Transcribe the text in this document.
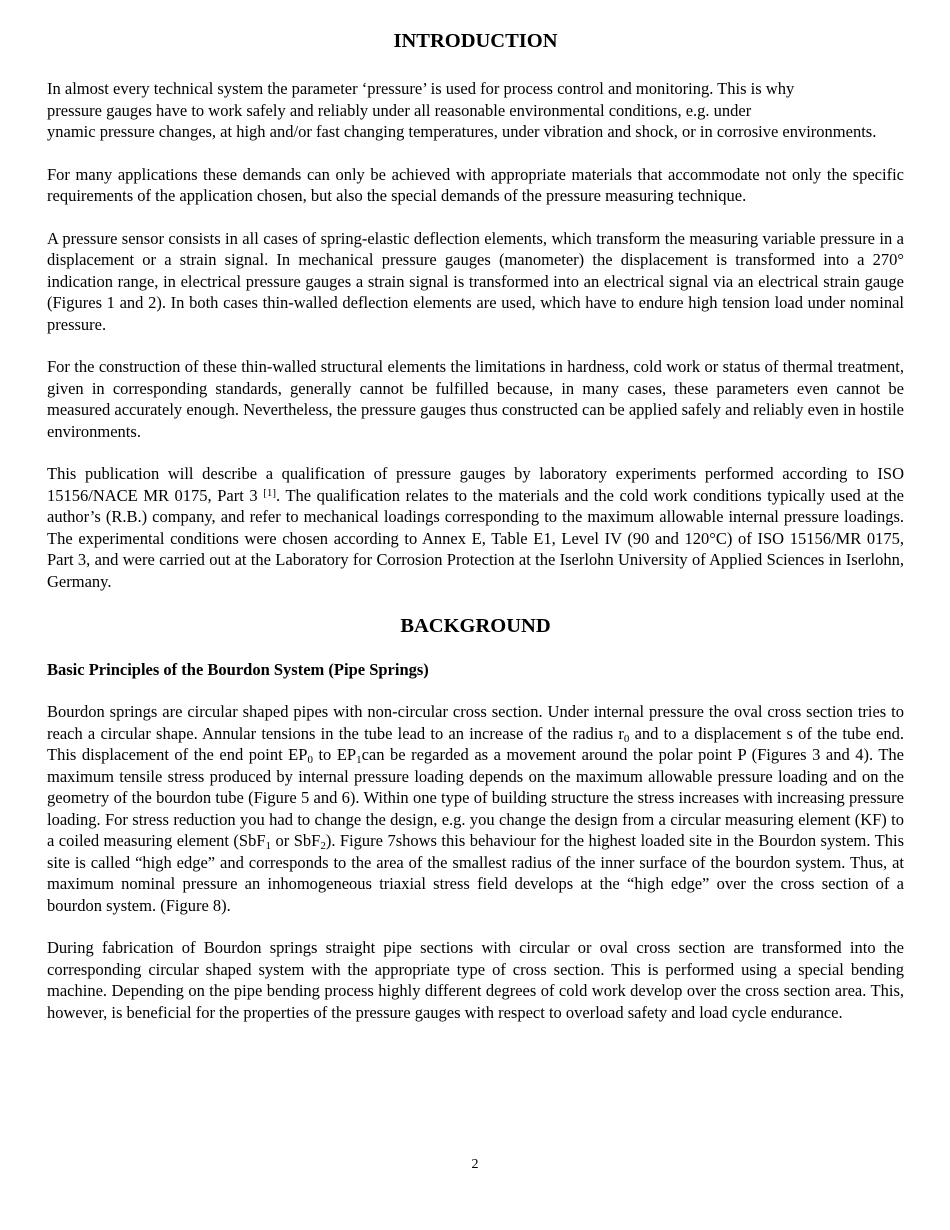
INTRODUCTION

In almost every technical system the parameter ‘pressure’ is used for process control and monitoring. This is why
pressure gauges have to work safely and reliably under all reasonable environmental conditions, e.g. under
ynamic pressure changes, at high and/or fast changing temperatures, under vibration and shock, or in corrosive environments.

For many applications these demands can only be achieved with appropriate materials that accommodate not only the specific requirements of the application chosen, but also the special demands of the pressure measuring technique.

A pressure sensor consists in all cases of spring-elastic deflection elements, which transform the measuring variable pressure in a displacement or a strain signal. In mechanical pressure gauges (manometer) the displacement is transformed into a 270° indication range, in electrical pressure gauges a strain signal is transformed into an electrical signal via an electrical strain gauge (Figures 1 and 2). In both cases thin-walled deflection elements are used, which have to endure high tension load under nominal pressure.

For the construction of these thin-walled structural elements the limitations in hardness, cold work or status of thermal treatment, given in corresponding standards, generally cannot be fulfilled because, in many cases, these parameters even cannot be measured accurately enough. Nevertheless, the pressure gauges thus constructed can be applied safely and reliably even in hostile environments.

This publication will describe a qualification of pressure gauges by laboratory experiments performed according to ISO 15156/NACE MR 0175, Part 3 [1]. The qualification relates to the materials and the cold work conditions typically used at the author’s (R.B.) company, and refer to mechanical loadings corresponding to the maximum allowable internal pressure loadings. The experimental conditions were chosen according to Annex E, Table E1, Level IV (90 and 120°C) of ISO 15156/MR 0175, Part 3, and were carried out at the Laboratory for Corrosion Protection at the Iserlohn University of Applied Sciences in Iserlohn, Germany.

BACKGROUND
Basic Principles of the Bourdon System (Pipe Springs)

Bourdon springs are circular shaped pipes with non-circular cross section. Under internal pressure the oval cross section tries to reach a circular shape. Annular tensions in the tube lead to an increase of the radius $r_0$ and to a displacement s of the tube end. This displacement of the end point $EP_0$ to $EP_1can$ be regarded as a movement around the polar point P (Figures 3 and 4). The maximum tensile stress produced by internal pressure loading depends on the maximum allowable pressure loading and on the geometry of the bourdon tube (Figure 5 and 6). Within one type of building structure the stress increases with increasing pressure loading. For stress reduction you had to change the design, e.g. you change the design from a circular measuring element (KF) to a coiled measuring element (SbF$_1$ or SbF$_2$). Figure 7shows this behaviour for the highest loaded site in the Bourdon system. This site is called “high edge” and corresponds to the area of the smallest radius of the inner surface of the bourdon system. Thus, at maximum nominal pressure an inhomogeneous triaxial stress field develops at the “high edge” over the cross section of a bourdon system. (Figure 8).

During fabrication of Bourdon springs straight pipe sections with circular or oval cross section are transformed into the corresponding circular shaped system with the appropriate type of cross section. This is performed using a special bending machine. Depending on the pipe bending process highly different degrees of cold work develop over the cross section area. This, however, is beneficial for the properties of the pressure gauges with respect to overload safety and load cycle endurance.

2
